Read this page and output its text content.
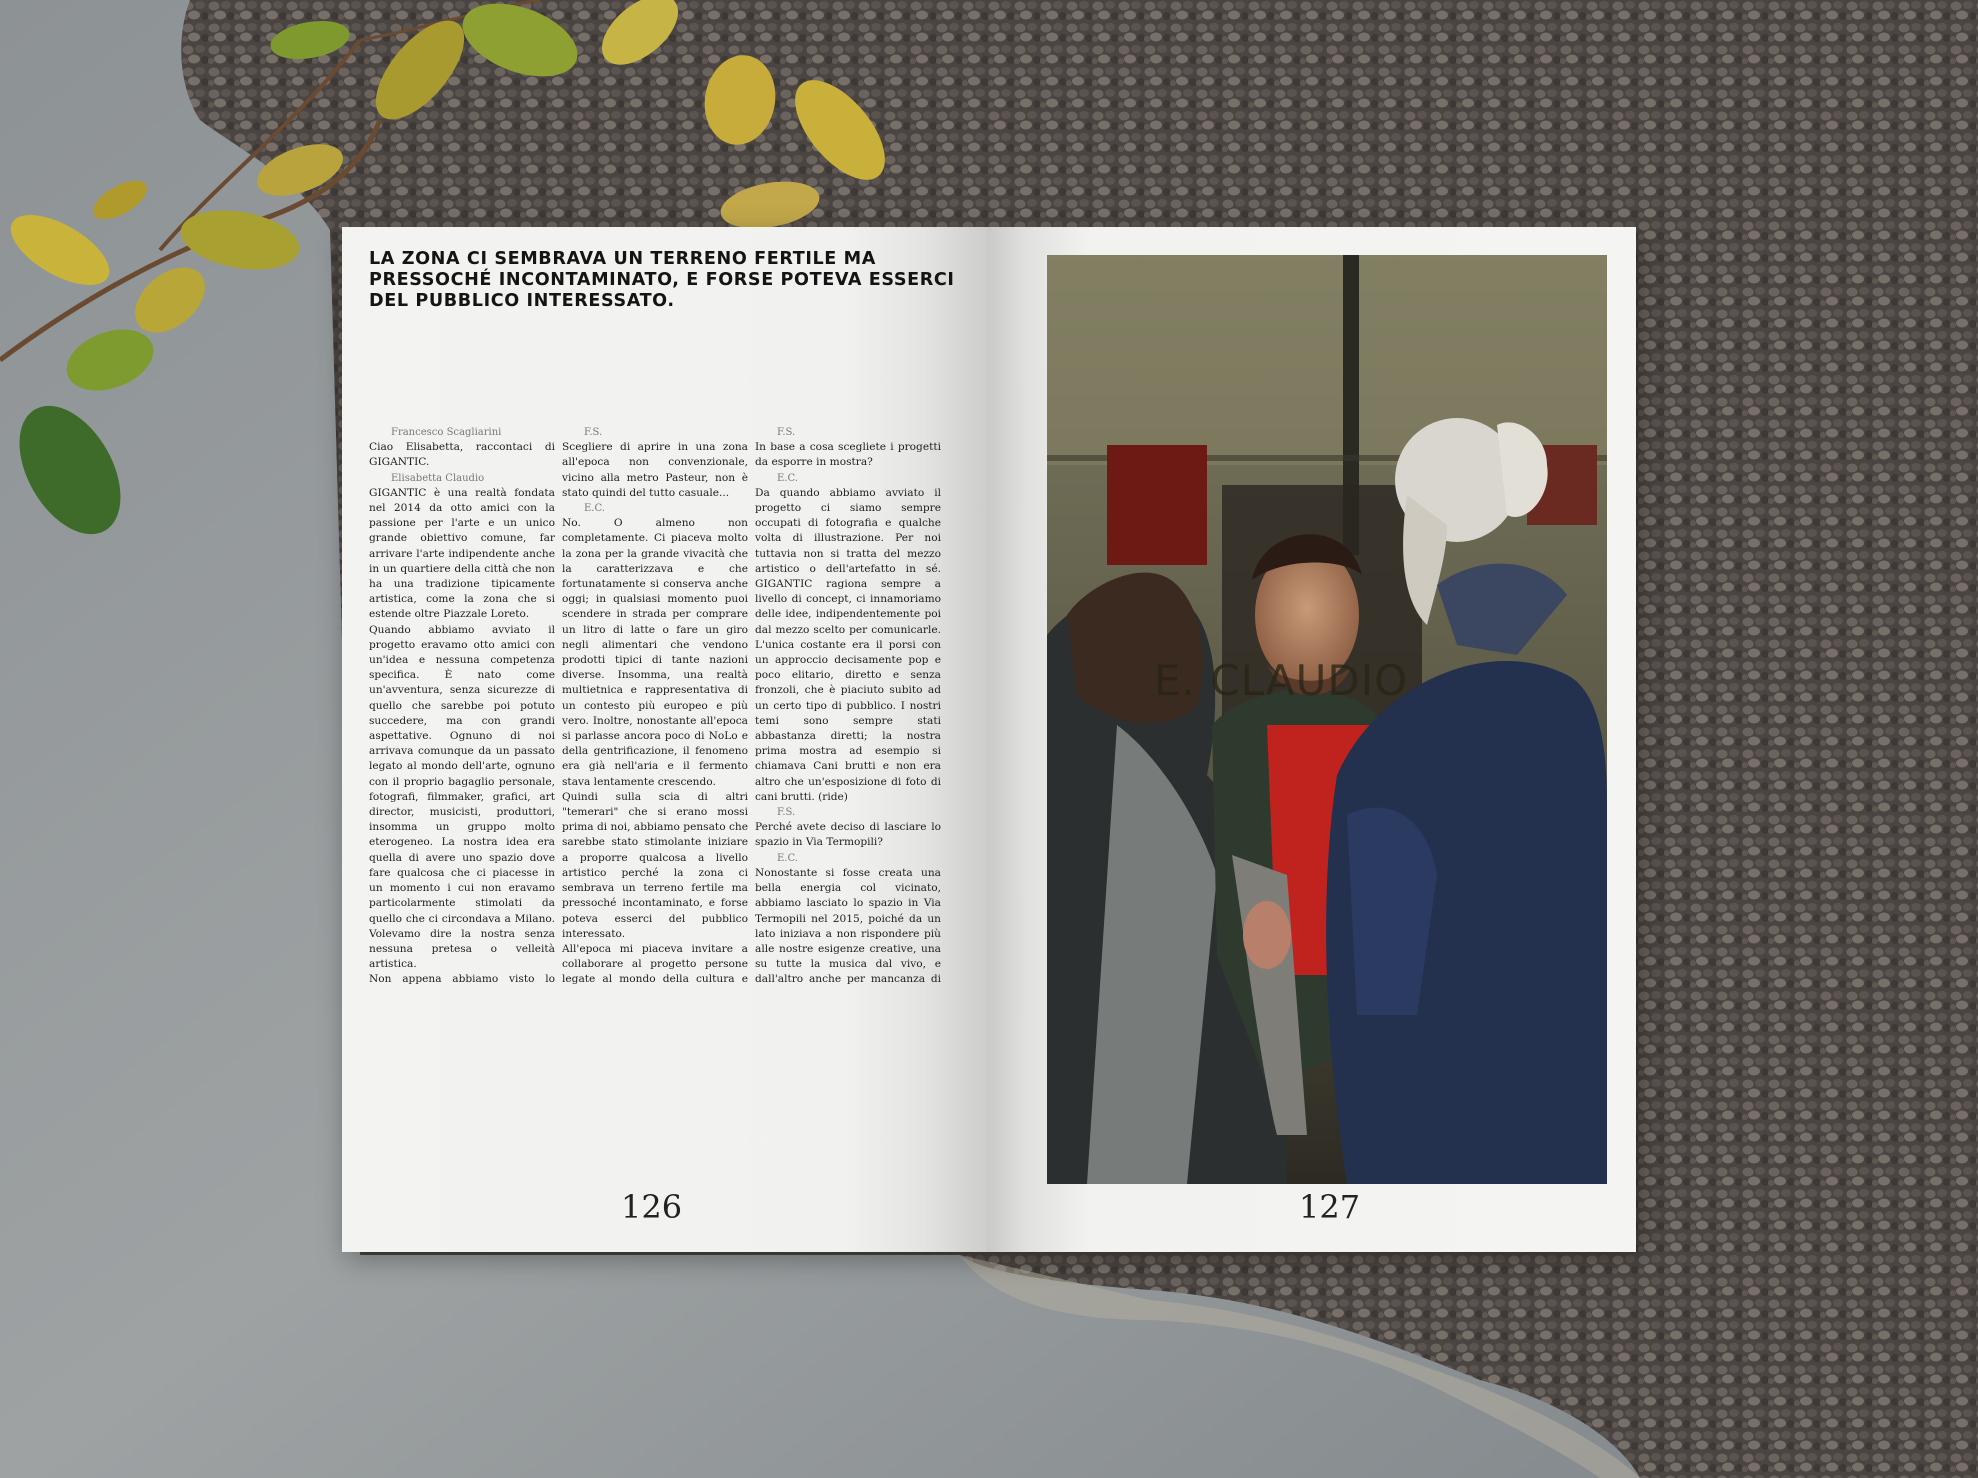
LA ZONA CI SEMBRAVA UN TERRENO FERTILE MA PRESSOCHÉ INCONTAMINATO, E FORSE POTEVA ESSERCI DEL PUBBLICO INTERESSATO.
Francesco Scagliarini

Ciao Elisabetta, raccontaci di GIGANTIC.

Elisabetta Claudio

GIGANTIC è una realtà fondata nel 2014 da otto amici con la passione per l'arte e un unico grande obiettivo comune, far arrivare l'arte indipendente anche in un quartiere della città che non ha una tradizione tipicamente artistica, come la zona che si estende oltre Piazzale Loreto.

Quando abbiamo avviato il progetto eravamo otto amici con un'idea e nessuna competenza specifica. È nato come un'avventura, senza sicurezze di quello che sarebbe poi potuto succedere, ma con grandi aspettative. Ognuno di noi arrivava comunque da un passato legato al mondo dell'arte, ognuno con il proprio bagaglio personale, fotografi, filmmaker, grafici, art director, musicisti, produttori, insomma un gruppo molto eterogeneo. La nostra idea era quella di avere uno spazio dove fare qualcosa che ci piacesse in un momento i cui non eravamo particolarmente stimolati da quello che ci circondava a Milano. Volevamo dire la nostra senza nessuna pretesa o velleità artistica.

Non appena abbiamo visto lo

F.S.

Scegliere di aprire in una zona all'epoca non convenzionale, vicino alla metro Pasteur, non è stato quindi del tutto casuale...

E.C.

No. O almeno non completamente. Ci piaceva molto la zona per la grande vivacità che la caratterizzava e che fortunatamente si conserva anche oggi; in qualsiasi momento puoi scendere in strada per comprare un litro di latte o fare un giro negli alimentari che vendono prodotti tipici di tante nazioni diverse. Insomma, una realtà multietnica e rappresentativa di un contesto più europeo e più vero. Inoltre, nonostante all'epoca si parlasse ancora poco di NoLo e della gentrificazione, il fenomeno era già nell'aria e il fermento stava lentamente crescendo.

Quindi sulla scia di altri "temerari" che si erano mossi prima di noi, abbiamo pensato che sarebbe stato stimolante iniziare a proporre qualcosa a livello artistico perché la zona ci sembrava un terreno fertile ma pressoché incontaminato, e forse poteva esserci del pubblico interessato.

All'epoca mi piaceva invitare a collaborare al progetto persone legate al mondo della cultura e

F.S.

In base a cosa scegliete i progetti da esporre in mostra?

E.C.

Da quando abbiamo avviato il progetto ci siamo sempre occupati di fotografia e qualche volta di illustrazione. Per noi tuttavia non si tratta del mezzo artistico o dell'artefatto in sé. GIGANTIC ragiona sempre a livello di concept, ci innamoriamo delle idee, indipendentemente poi dal mezzo scelto per comunicarle. L'unica costante era il porsi con un approccio decisamente pop e poco elitario, diretto e senza fronzoli, che è piaciuto subito ad un certo tipo di pubblico. I nostri temi sono sempre stati abbastanza diretti; la nostra prima mostra ad esempio si chiamava Cani brutti e non era altro che un'esposizione di foto di cani brutti. (ride)

F.S.

Perché avete deciso di lasciare lo spazio in Via Termopili?

E.C.

Nonostante si fosse creata una bella energia col vicinato, abbiamo lasciato lo spazio in Via Termopili nel 2015, poiché da un lato iniziava a non rispondere più alle nostre esigenze creative, una su tutte la musica dal vivo, e dall'altro anche per mancanza di

126	127
E. CLAUDIO
